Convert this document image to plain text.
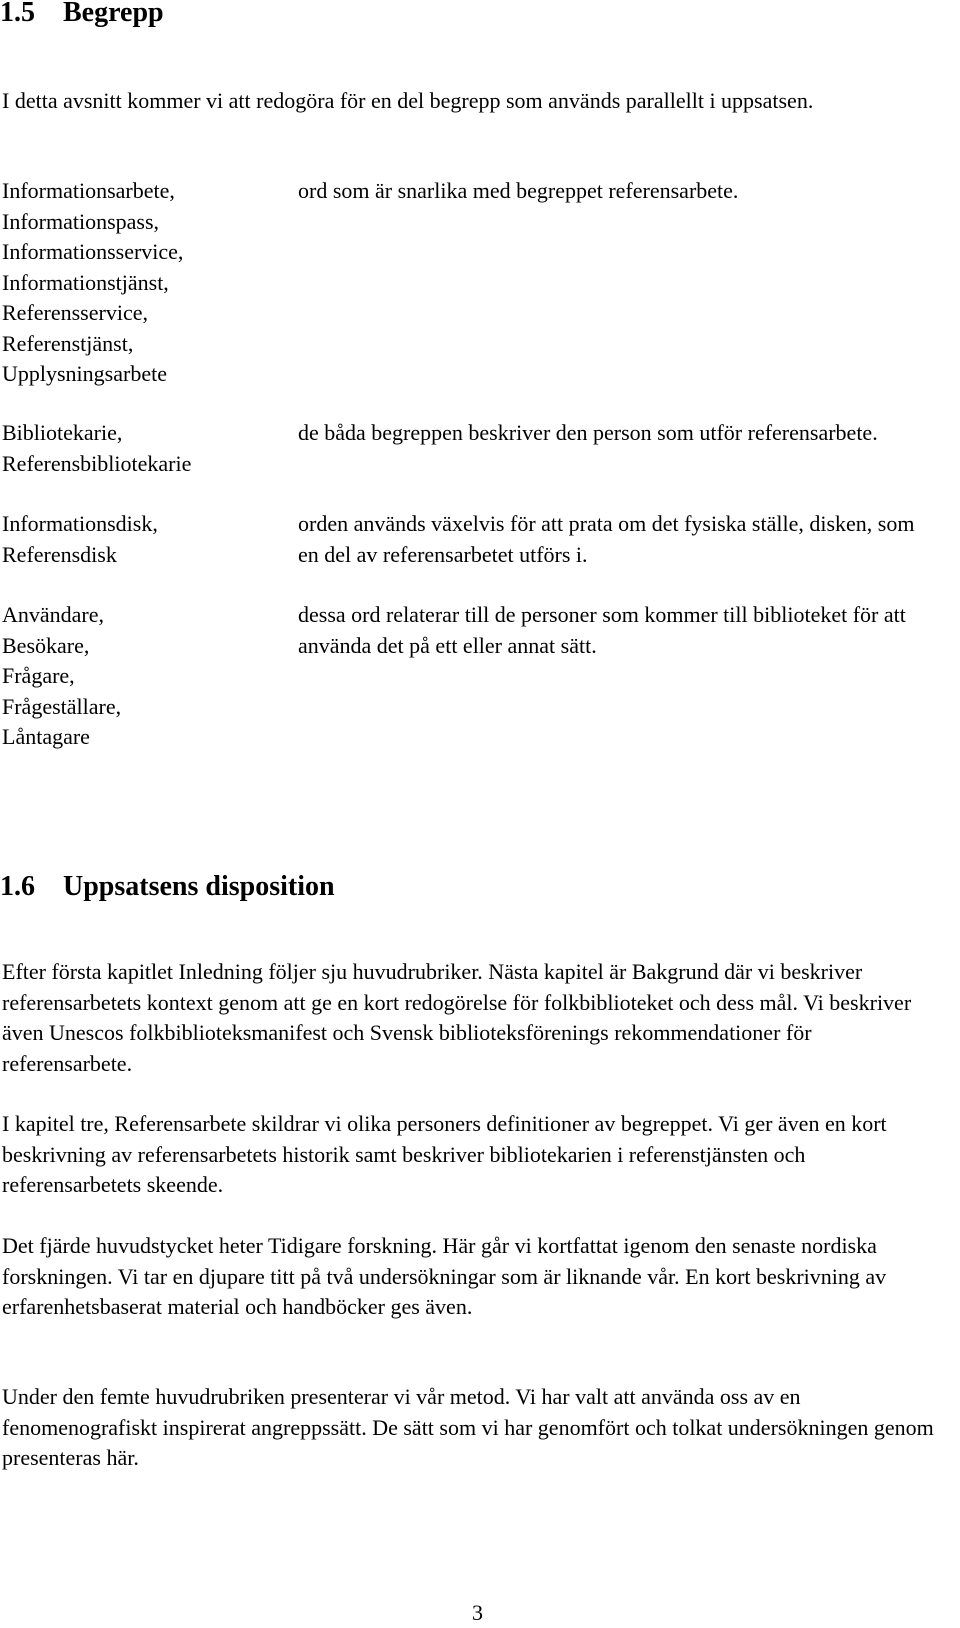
1.5 Begrepp

I detta avsnitt kommer vi att redogöra för en del begrepp som används parallellt i uppsatsen.

Informationsarbete,
Informationspass,
Informationsservice,
Informationstjänst,
Referensservice,
Referenstjänst,
Upplysningsarbete
ord som är snarlika med begreppet referensarbete.
Bibliotekarie,
Referensbibliotekarie
de båda begreppen beskriver den person som utför referensarbete.
Informationsdisk,
Referensdisk
orden används växelvis för att prata om det fysiska ställe, disken, som en del av referensarbetet utförs i.
Användare,
Besökare,
Frågare,
Frågeställare,
Låntagare
dessa ord relaterar till de personer som kommer till biblioteket för att använda det på ett eller annat sätt.
1.6 Uppsatsens disposition

Efter första kapitlet Inledning följer sju huvudrubriker. Nästa kapitel är Bakgrund där vi beskriver referensarbetets kontext genom att ge en kort redogörelse för folkbiblioteket och dess mål. Vi beskriver även Unescos folkbiblioteksmanifest och Svensk biblioteksförenings rekommendationer för referensarbete.

I kapitel tre, Referensarbete skildrar vi olika personers definitioner av begreppet. Vi ger även en kort beskrivning av referensarbetets historik samt beskriver bibliotekarien i referenstjänsten och referensarbetets skeende.

Det fjärde huvudstycket heter Tidigare forskning. Här går vi kortfattat igenom den senaste nordiska forskningen. Vi tar en djupare titt på två undersökningar som är liknande vår. En kort beskrivning av erfarenhetsbaserat material och handböcker ges även.

Under den femte huvudrubriken presenterar vi vår metod. Vi har valt att använda oss av en fenomenografiskt inspirerat angreppssätt. De sätt som vi har genomfört och tolkat undersökningen genom presenteras här.

3
